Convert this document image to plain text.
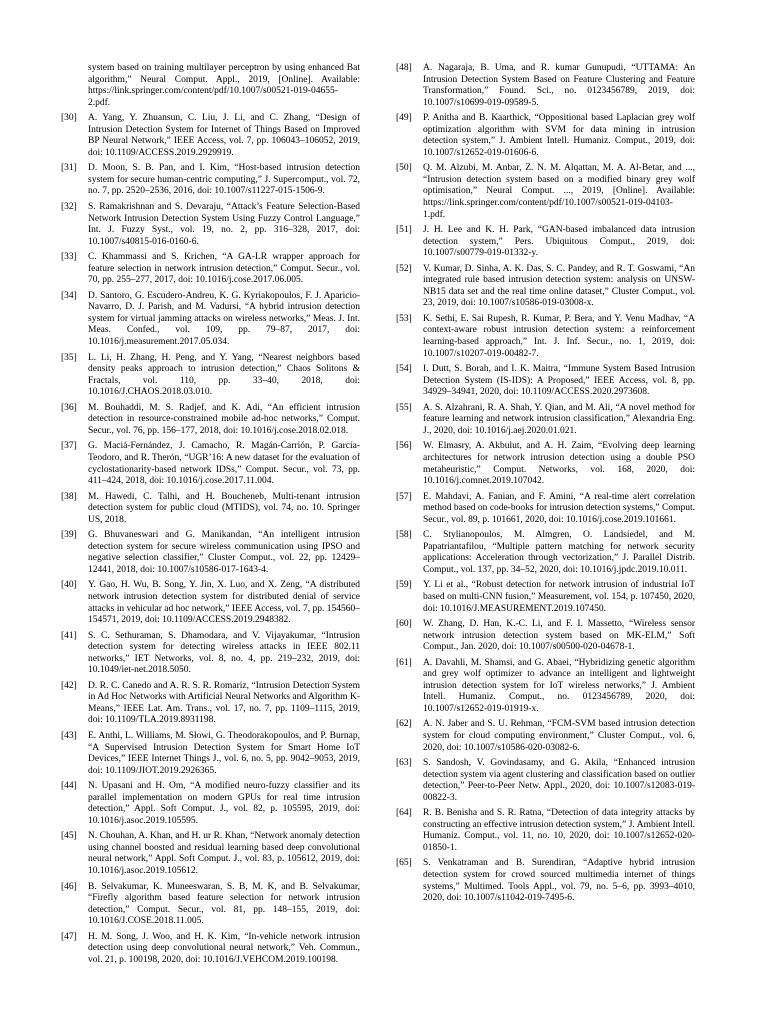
system based on training multilayer perceptron by using enhanced Bat algorithm,” Neural Comput. Appl., 2019, [Online]. Available: https://link.springer.com/content/pdf/10.1007/s00521-019-04655-2.pdf.
[30] A. Yang, Y. Zhuansun, C. Liu, J. Li, and C. Zhang, “Design of Intrusion Detection System for Internet of Things Based on Improved BP Neural Network,” IEEE Access, vol. 7, pp. 106043–106052, 2019, doi: 10.1109/ACCESS.2019.2929919.
[31] D. Moon, S. B. Pan, and I. Kim, “Host-based intrusion detection system for secure human-centric computing,” J. Supercomput., vol. 72, no. 7, pp. 2520–2536, 2016, doi: 10.1007/s11227-015-1506-9.
[32] S. Ramakrishnan and S. Devaraju, “Attack’s Feature Selection-Based Network Intrusion Detection System Using Fuzzy Control Language,” Int. J. Fuzzy Syst., vol. 19, no. 2, pp. 316–328, 2017, doi: 10.1007/s40815-016-0160-6.
[33] C. Khammassi and S. Krichen, “A GA-LR wrapper approach for feature selection in network intrusion detection,” Comput. Secur., vol. 70, pp. 255–277, 2017, doi: 10.1016/j.cose.2017.06.005.
[34] D. Santoro, G. Escudero-Andreu, K. G. Kyriakopoulos, F. J. Aparicio-Navarro, D. J. Parish, and M. Vadursi, “A hybrid intrusion detection system for virtual jamming attacks on wireless networks,” Meas. J. Int. Meas. Confed., vol. 109, pp. 79–87, 2017, doi: 10.1016/j.measurement.2017.05.034.
[35] L. Li, H. Zhang, H. Peng, and Y. Yang, “Nearest neighbors based density peaks approach to intrusion detection,” Chaos Solitons & Fractals, vol. 110, pp. 33–40, 2018, doi: 10.1016/J.CHAOS.2018.03.010.
[36] M. Bouhaddi, M. S. Radjef, and K. Adi, “An efficient intrusion detection in resource-constrained mobile ad-hoc networks,” Comput. Secur., vol. 76, pp. 156–177, 2018, doi: 10.1016/j.cose.2018.02.018.
[37] G. Maciá-Fernández, J. Camacho, R. Magán-Carrión, P. García-Teodoro, and R. Therón, “UGR’16: A new dataset for the evaluation of cyclostationarity-based network IDSs,” Comput. Secur., vol. 73, pp. 411–424, 2018, doi: 10.1016/j.cose.2017.11.004.
[38] M. Hawedi, C. Talhi, and H. Boucheneb, Multi-tenant intrusion detection system for public cloud (MTIDS), vol. 74, no. 10. Springer US, 2018.
[39] G. Bhuvaneswari and G. Manikandan, “An intelligent intrusion detection system for secure wireless communication using IPSO and negative selection classifier,” Cluster Comput., vol. 22, pp. 12429–12441, 2018, doi: 10.1007/s10586-017-1643-4.
[40] Y. Gao, H. Wu, B. Song, Y. Jin, X. Luo, and X. Zeng, “A distributed network intrusion detection system for distributed denial of service attacks in vehicular ad hoc network,” IEEE Access, vol. 7, pp. 154560–154571, 2019, doi: 10.1109/ACCESS.2019.2948382.
[41] S. C. Sethuraman, S. Dhamodara, and V. Vijayakumar, “Intrusion detection system for detecting wireless attacks in IEEE 802.11 networks,” IET Networks, vol. 8, no. 4, pp. 219–232, 2019, doi: 10.1049/iet-net.2018.5050.
[42] D. R. C. Canedo and A. R. S. R. Romariz, “Intrusion Detection System in Ad Hoc Networks with Artificial Neural Networks and Algorithm K-Means,” IEEE Lat. Am. Trans., vol. 17, no. 7, pp. 1109–1115, 2019, doi: 10.1109/TLA.2019.8931198.
[43] E. Anthi, L. Williams, M. Słowi, G. Theodorakopoulos, and P. Burnap, “A Supervised Intrusion Detection System for Smart Home IoT Devices,” IEEE Internet Things J., vol. 6, no. 5, pp. 9042–9053, 2019, doi: 10.1109/JIOT.2019.2926365.
[44] N. Upasani and H. Om, “A modified neuro-fuzzy classifier and its parallel implementation on modern GPUs for real time intrusion detection,” Appl. Soft Comput. J., vol. 82, p. 105595, 2019, doi: 10.1016/j.asoc.2019.105595.
[45] N. Chouhan, A. Khan, and H. ur R. Khan, “Network anomaly detection using channel boosted and residual learning based deep convolutional neural network,” Appl. Soft Comput. J., vol. 83, p. 105612, 2019, doi: 10.1016/j.asoc.2019.105612.
[46] B. Selvakumar, K. Muneeswaran, S. B, M. K, and B. Selvakumar, “Firefly algorithm based feature selection for network intrusion detection,” Comput. Secur., vol. 81, pp. 148–155, 2019, doi: 10.1016/J.COSE.2018.11.005.
[47] H. M. Song, J. Woo, and H. K. Kim, “In-vehicle network intrusion detection using deep convolutional neural network,” Veh. Commun., vol. 21, p. 100198, 2020, doi: 10.1016/J.VEHCOM.2019.100198.
[48] A. Nagaraja, B. Uma, and R. kumar Gunupudi, “UTTAMA: An Intrusion Detection System Based on Feature Clustering and Feature Transformation,” Found. Sci., no. 0123456789, 2019, doi: 10.1007/s10699-019-09589-5.
[49] P. Anitha and B. Kaarthick, “Oppositional based Laplacian grey wolf optimization algorithm with SVM for data mining in intrusion detection system,” J. Ambient Intell. Humaniz. Comput., 2019, doi: 10.1007/s12652-019-01606-6.
[50] Q. M. Alzubi, M. Anbar, Z. N. M. Alqattan, M. A. Al-Betar, and ..., “Intrusion detection system based on a modified binary grey wolf optimisation,” Neural Comput. ..., 2019, [Online]. Available: https://link.springer.com/content/pdf/10.1007/s00521-019-04103-1.pdf.
[51] J. H. Lee and K. H. Park, “GAN-based imbalanced data intrusion detection system,” Pers. Ubiquitous Comput., 2019, doi: 10.1007/s00779-019-01332-y.
[52] V. Kumar, D. Sinha, A. K. Das, S. C. Pandey, and R. T. Goswami, “An integrated rule based intrusion detection system: analysis on UNSW-NB15 data set and the real time online dataset,” Cluster Comput., vol. 23, 2019, doi: 10.1007/s10586-019-03008-x.
[53] K. Sethi, E. Sai Rupesh, R. Kumar, P. Bera, and Y. Venu Madhav, “A context-aware robust intrusion detection system: a reinforcement learning-based approach,” Int. J. Inf. Secur., no. 1, 2019, doi: 10.1007/s10207-019-00482-7.
[54] I. Dutt, S. Borah, and I. K. Maitra, “Immune System Based Intrusion Detection System (IS-IDS): A Proposed,” IEEE Access, vol. 8, pp. 34929–34941, 2020, doi: 10.1109/ACCESS.2020.2973608.
[55] A. S. Alzahrani, R. A. Shah, Y. Qian, and M. Ali, “A novel method for feature learning and network intrusion classification,” Alexandria Eng. J., 2020, doi: 10.1016/j.aej.2020.01.021.
[56] W. Elmasry, A. Akbulut, and A. H. Zaim, “Evolving deep learning architectures for network intrusion detection using a double PSO metaheuristic,” Comput. Networks, vol. 168, 2020, doi: 10.1016/j.comnet.2019.107042.
[57] E. Mahdavi, A. Fanian, and F. Amini, “A real-time alert correlation method based on code-books for intrusion detection systems,” Comput. Secur., vol. 89, p. 101661, 2020, doi: 10.1016/j.cose.2019.101661.
[58] C. Stylianopoulos, M. Almgren, O. Landsiedel, and M. Papatriantafilou, “Multiple pattern matching for network security applications: Acceleration through vectorization,” J. Parallel Distrib. Comput., vol. 137, pp. 34–52, 2020, doi: 10.1016/j.jpdc.2019.10.011.
[59] Y. Li et al., “Robust detection for network intrusion of industrial IoT based on multi-CNN fusion,” Measurement, vol. 154, p. 107450, 2020, doi: 10.1016/J.MEASUREMENT.2019.107450.
[60] W. Zhang, D. Han, K.-C. Li, and F. I. Massetto, “Wireless sensor network intrusion detection system based on MK-ELM,” Soft Comput., Jan. 2020, doi: 10.1007/s00500-020-04678-1.
[61] A. Davahli, M. Shamsi, and G. Abaei, “Hybridizing genetic algorithm and grey wolf optimizer to advance an intelligent and lightweight intrusion detection system for IoT wireless networks,” J. Ambient Intell. Humaniz. Comput., no. 0123456789, 2020, doi: 10.1007/s12652-019-01919-x.
[62] A. N. Jaber and S. U. Rehman, “FCM-SVM based intrusion detection system for cloud computing environment,” Cluster Comput., vol. 6, 2020, doi: 10.1007/s10586-020-03082-6.
[63] S. Sandosh, V. Govindasamy, and G. Akila, “Enhanced intrusion detection system via agent clustering and classification based on outlier detection,” Peer-to-Peer Netw. Appl., 2020, doi: 10.1007/s12083-019-00822-3.
[64] R. B. Benisha and S. R. Ratna, “Detection of data integrity attacks by constructing an effective intrusion detection system,” J. Ambient Intell. Humaniz. Comput., vol. 11, no. 10, 2020, doi: 10.1007/s12652-020-01850-1.
[65] S. Venkatraman and B. Surendiran, “Adaptive hybrid intrusion detection system for crowd sourced multimedia internet of things systems,” Multimed. Tools Appl., vol. 79, no. 5–6, pp. 3993–4010, 2020, doi: 10.1007/s11042-019-7495-6.
